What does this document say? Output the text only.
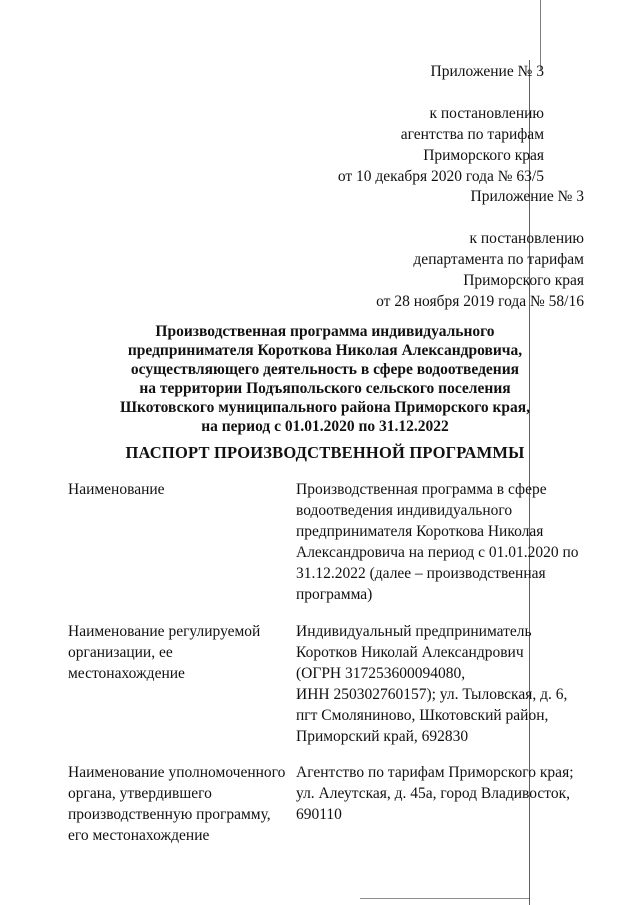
Приложение № 3
к постановлению
агентства по тарифам
Приморского края
от 10 декабря 2020 года № 63/5
Приложение № 3
к постановлению
департамента по тарифам
Приморского края
от 28 ноября 2019 года № 58/16
Производственная программа индивидуального
предпринимателя Короткова Николая Александровича,
осуществляющего деятельность в сфере водоотведения
на территории Подъяпольского сельского поселения
Шкотовского муниципального района Приморского края,
на период с 01.01.2020 по 31.12.2022
ПАСПОРТ ПРОИЗВОДСТВЕННОЙ ПРОГРАММЫ
Наименование	Производственная программа в сфере
водоотведения индивидуального
предпринимателя Короткова Николая
Александровича на период с 01.01.2020 по
31.12.2022 (далее – производственная
программа)
Наименование регулируемой
организации, ее
местонахождение
Индивидуальный предприниматель
Коротков Николай Александрович
(ОГРН 317253600094080,
ИНН 250302760157); ул. Тыловская, д. 6,
пгт Смоляниново, Шкотовский район,
Приморский край, 692830
Наименование уполномоченного
органа, утвердившего
производственную программу,
его местонахождение
Агентство по тарифам Приморского края;
ул. Алеутская, д. 45а, город Владивосток,
690110
